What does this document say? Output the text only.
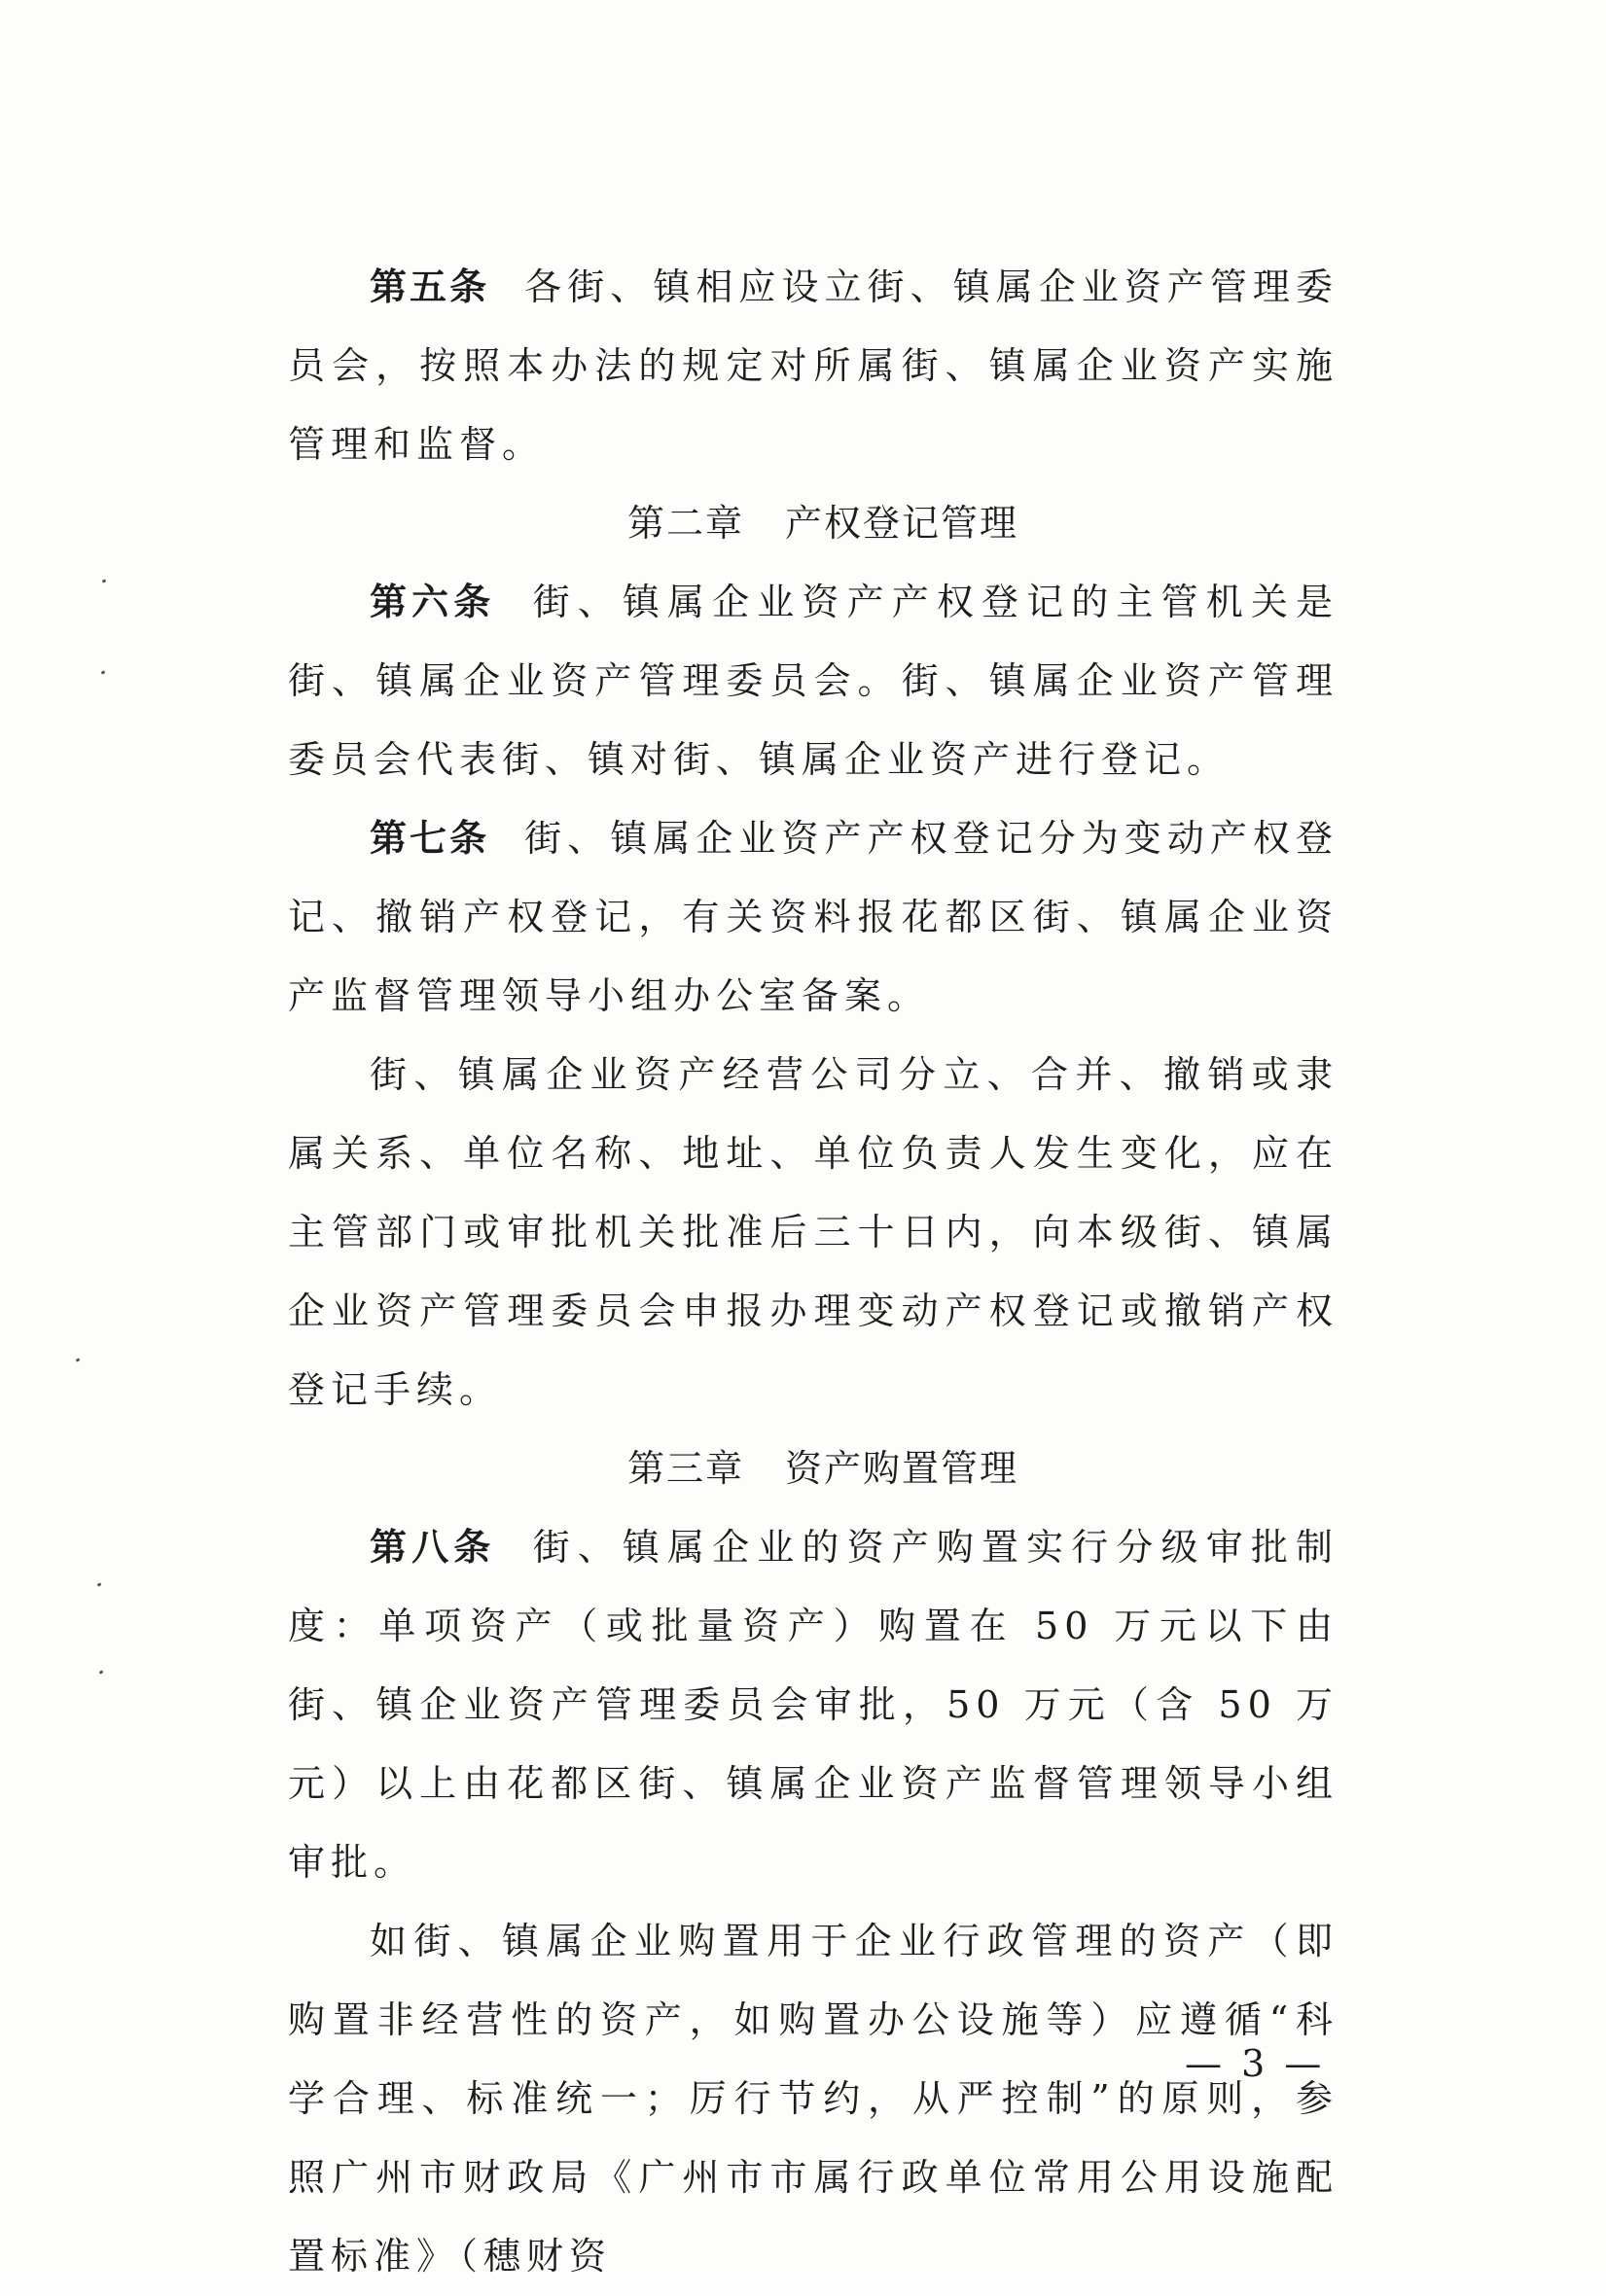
第五条 各街、镇相应设立街、镇属企业资产管理委员会，按照本办法的规定对所属街、镇属企业资产实施管理和监督。

第二章 产权登记管理

第六条 街、镇属企业资产产权登记的主管机关是街、镇属企业资产管理委员会。街、镇属企业资产管理委员会代表街、镇对街、镇属企业资产进行登记。

第七条 街、镇属企业资产产权登记分为变动产权登记、撤销产权登记，有关资料报花都区街、镇属企业资产监督管理领导小组办公室备案。

街、镇属企业资产经营公司分立、合并、撤销或隶属关系、单位名称、地址、单位负责人发生变化，应在主管部门或审批机关批准后三十日内，向本级街、镇属企业资产管理委员会申报办理变动产权登记或撤销产权登记手续。

第三章 资产购置管理

第八条 街、镇属企业的资产购置实行分级审批制度：单项资产（或批量资产）购置在 50 万元以下由街、镇企业资产管理委员会审批，50 万元（含 50 万元）以上由花都区街、镇属企业资产监督管理领导小组审批。

如街、镇属企业购置用于企业行政管理的资产（即购置非经营性的资产，如购置办公设施等）应遵循“科学合理、标准统一；厉行节约，从严控制”的原则，参照广州市财政局《广州市市属行政单位常用公用设施配置标准》（穗财资

— 3 —
